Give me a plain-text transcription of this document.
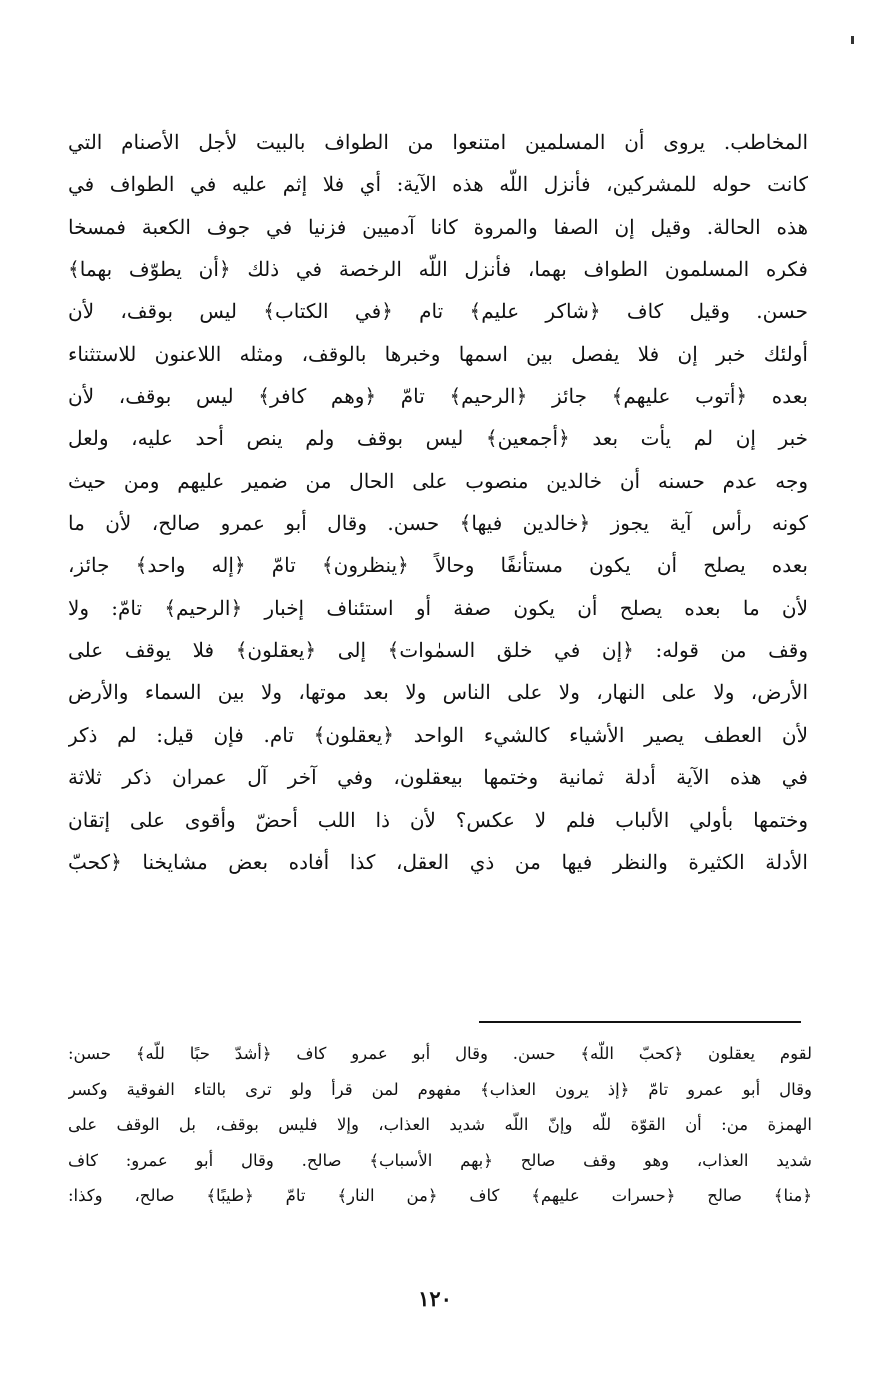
المخاطب. يروى أن المسلمين امتنعوا من الطواف بالبيت لأجل الأصنام التي
كانت حوله للمشركين، فأنزل اللّه هذه الآية: أي فلا إثم عليه في الطواف في
هذه الحالة. وقيل إن الصفا والمروة كانا آدميين فزنيا في جوف الكعبة فمسخا
فكره المسلمون الطواف بهما، فأنزل اللّه الرخصة في ذلك ﴿أن يطوّف بهما﴾
حسن. وقيل كاف ﴿شاكر عليم﴾ تام ﴿في الكتاب﴾ ليس بوقف، لأن
أولئك خبر إن فلا يفصل بين اسمها وخبرها بالوقف، ومثله اللاعنون للاستثناء
بعده ﴿أتوب عليهم﴾ جائز ﴿الرحيم﴾ تامّ ﴿وهم كافر﴾ ليس بوقف، لأن
خبر إن لم يأت بعد ﴿أجمعين﴾ ليس بوقف ولم ينص أحد عليه، ولعل
وجه عدم حسنه أن خالدين منصوب على الحال من ضمير عليهم ومن حيث
كونه رأس آية يجوز ﴿خالدين فيها﴾ حسن. وقال أبو عمرو صالح، لأن ما
بعده يصلح أن يكون مستأنفًا وحالاً ﴿ينظرون﴾ تامّ ﴿إله واحد﴾ جائز،
لأن ما بعده يصلح أن يكون صفة أو استئناف إخبار ﴿الرحيم﴾ تامّ: ولا
وقف من قوله: ﴿إن في خلق السمٰوات﴾ إلى ﴿يعقلون﴾ فلا يوقف على
الأرض، ولا على النهار، ولا على الناس ولا بعد موتها، ولا بين السماء والأرض
لأن العطف يصير الأشياء كالشيء الواحد ﴿يعقلون﴾ تام. فإن قيل: لم ذكر
في هذه الآية أدلة ثمانية وختمها بيعقلون، وفي آخر آل عمران ذكر ثلاثة
وختمها بأولي الألباب فلم لا عكس؟ لأن ذا اللب أحضّ وأقوى على إتقان
الأدلة الكثيرة والنظر فيها من ذي العقل، كذا أفاده بعض مشايخنا ﴿كحبّ
لقوم يعقلون ﴿كحبّ اللّه﴾ حسن. وقال أبو عمرو كاف ﴿أشدّ حبًا للّه﴾ حسن:
وقال أبو عمرو تامّ ﴿إذ يرون العذاب﴾ مفهوم لمن قرأ ولو ترى بالتاء الفوقية وكسر
الهمزة من: أن القوّة للّه وإنّ اللّه شديد العذاب، وإلا فليس بوقف، بل الوقف على
شديد العذاب، وهو وقف صالح ﴿بهم الأسباب﴾ صالح. وقال أبو عمرو: كاف
﴿منا﴾ صالح ﴿حسرات عليهم﴾ كاف ﴿من النار﴾ تامّ ﴿طيبًا﴾ صالح، وكذا:
١٢٠
